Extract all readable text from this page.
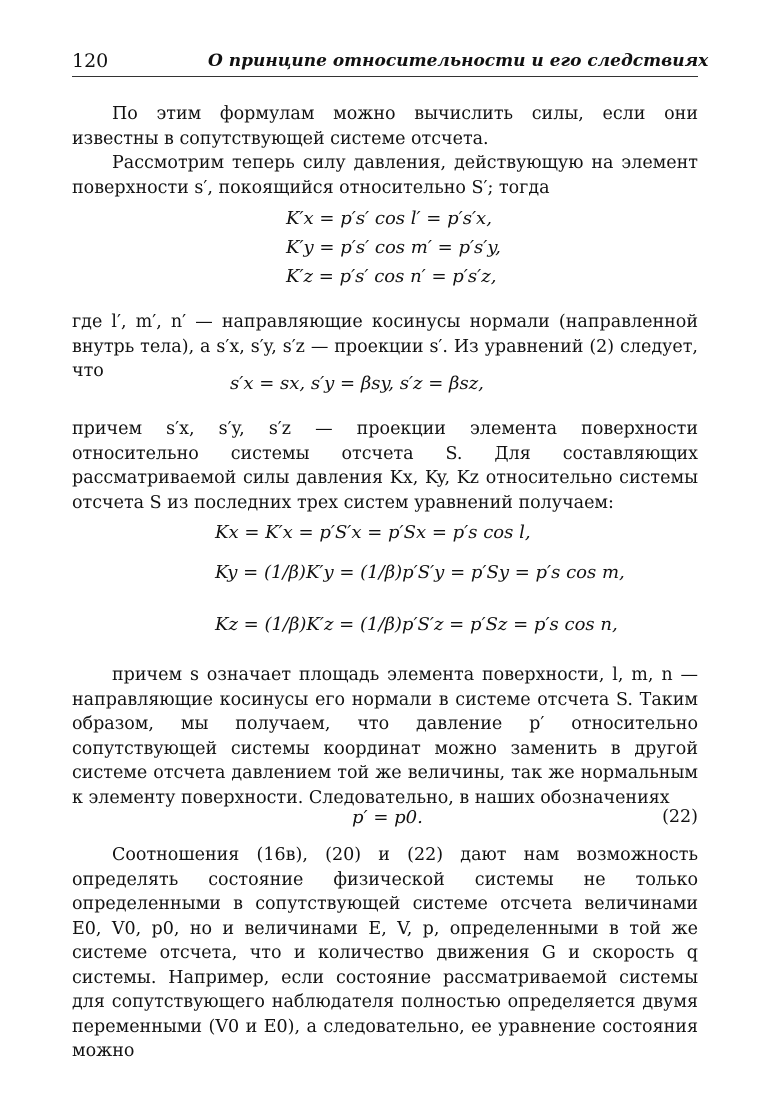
120	О принципе относительности и его следствиях
По этим формулам можно вычислить силы, если они известны в сопутствующей системе отсчета.
Рассмотрим теперь силу давления, действующую на элемент поверхности s′, покоящийся относительно S′; тогда
K′x = p′s′ cos l′ = p′s′x,
K′y = p′s′ cos m′ = p′s′y,
K′z = p′s′ cos n′ = p′s′z,
где l′, m′, n′ — направляющие косинусы нормали (направленной внутрь тела), а s′x, s′y, s′z — проекции s′. Из уравнений (2) следует, что
s′x = sx, s′y = βsy, s′z = βsz,
причем s′x, s′y, s′z — проекции элемента поверхности относительно системы отсчета S. Для составляющих рассматриваемой силы давления Kx, Ky, Kz относительно системы отсчета S из последних трех систем уравнений получаем:
Kx = K′x = p′S′x = p′Sx = p′s cos l,
Ky = (1/β)K′y = (1/β)p′S′y = p′Sy = p′s cos m,
Kz = (1/β)K′z = (1/β)p′S′z = p′Sz = p′s cos n,
причем s означает площадь элемента поверхности, l, m, n — направляющие косинусы его нормали в системе отсчета S. Таким образом, мы получаем, что давление p′ относительно сопутствующей системы координат можно заменить в другой системе отсчета давлением той же величины, так же нормальным к элементу поверхности. Следовательно, в наших обозначениях
p′ = p0.	(22)
Соотношения (16в), (20) и (22) дают нам возможность определять состояние физической системы не только определенными в сопутствующей системе отсчета величинами E0, V0, p0, но и величинами E, V, p, определенными в той же системе отсчета, что и количество движения G и скорость q системы. Например, если состояние рассматриваемой системы для сопутствующего наблюдателя полностью определяется двумя переменными (V0 и E0), а следовательно, ее уравнение состояния можно
